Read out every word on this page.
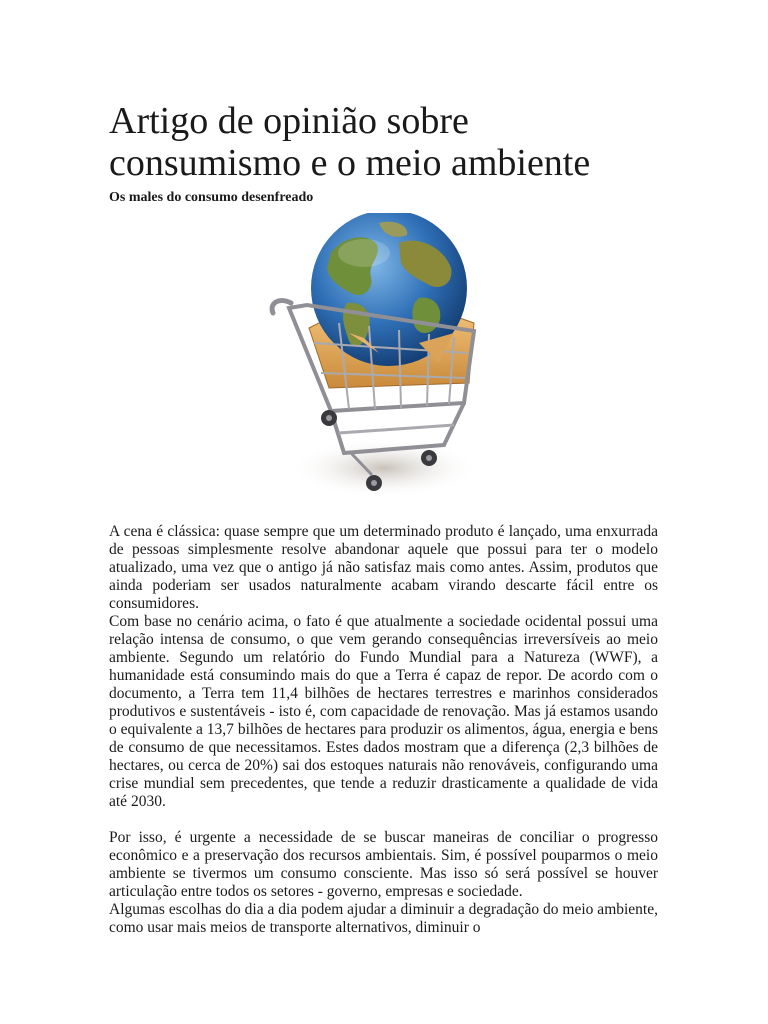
Artigo de opinião sobre
consumismo e o meio ambiente
Os males do consumo desenfreado

A cena é clássica: quase sempre que um determinado produto é lançado, uma enxurrada de pessoas simplesmente resolve abandonar aquele que possui para ter o modelo atualizado, uma vez que o antigo já não satisfaz mais como antes. Assim, produtos que ainda poderiam ser usados naturalmente acabam virando descarte fácil entre os consumidores.

Com base no cenário acima, o fato é que atualmente a sociedade ocidental possui uma relação intensa de consumo, o que vem gerando consequências irreversíveis ao meio ambiente. Segundo um relatório do Fundo Mundial para a Natureza (WWF), a humanidade está consumindo mais do que a Terra é capaz de repor. De acordo com o documento, a Terra tem 11,4 bilhões de hectares terrestres e marinhos considerados produtivos e sustentáveis - isto é, com capacidade de renovação. Mas já estamos usando o equivalente a 13,7 bilhões de hectares para produzir os alimentos, água, energia e bens de consumo de que necessitamos. Estes dados mostram que a diferença (2,3 bilhões de hectares, ou cerca de 20%) sai dos estoques naturais não renováveis, configurando uma crise mundial sem precedentes, que tende a reduzir drasticamente a qualidade de vida até 2030.

Por isso, é urgente a necessidade de se buscar maneiras de conciliar o progresso econômico e a preservação dos recursos ambientais. Sim, é possível pouparmos o meio ambiente se tivermos um consumo consciente. Mas isso só será possível se houver articulação entre todos os setores - governo, empresas e sociedade.

Algumas escolhas do dia a dia podem ajudar a diminuir a degradação do meio ambiente, como usar mais meios de transporte alternativos, diminuir o
